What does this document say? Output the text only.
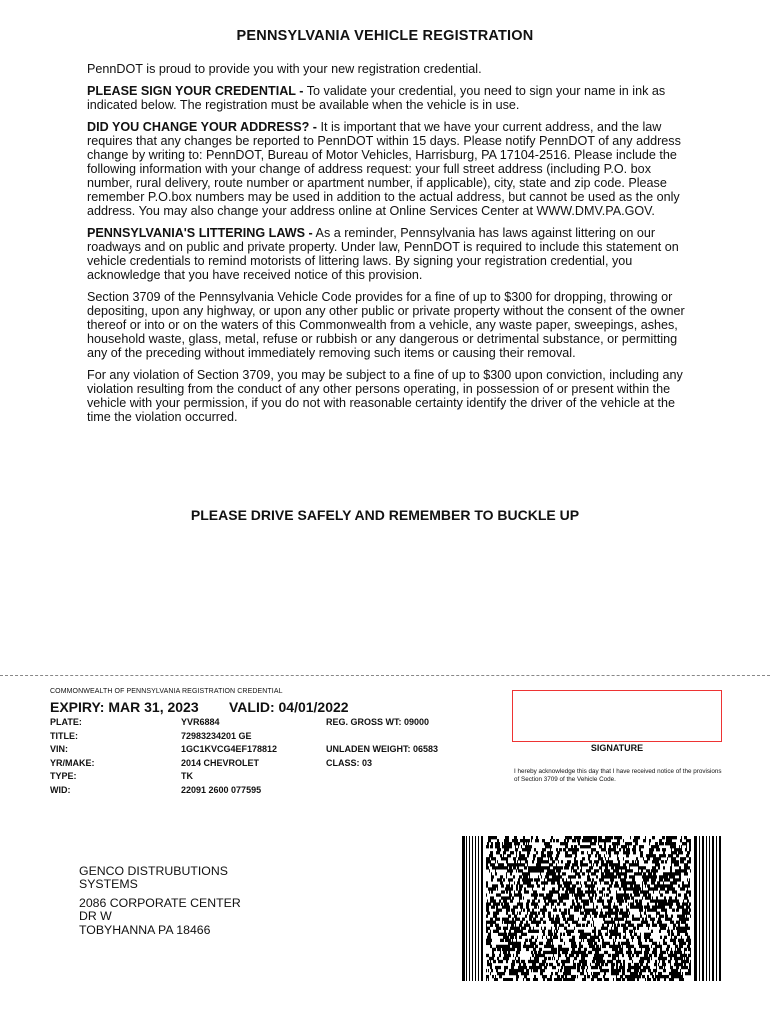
PENNSYLVANIA VEHICLE REGISTRATION

PennDOT is proud to provide you with your new registration credential.

PLEASE SIGN YOUR CREDENTIAL - To validate your credential, you need to sign your name in ink as indicated below. The registration must be available when the vehicle is in use.

DID YOU CHANGE YOUR ADDRESS? - It is important that we have your current address, and the law requires that any changes be reported to PennDOT within 15 days. Please notify PennDOT of any address change by writing to: PennDOT, Bureau of Motor Vehicles, Harrisburg, PA 17104-2516. Please include the following information with your change of address request: your full street address (including P.O. box number, rural delivery, route number or apartment number, if applicable), city, state and zip code. Please remember P.O.box numbers may be used in addition to the actual address, but cannot be used as the only address. You may also change your address online at Online Services Center at WWW.DMV.PA.GOV.

PENNSYLVANIA'S LITTERING LAWS - As a reminder, Pennsylvania has laws against littering on our roadways and on public and private property. Under law, PennDOT is required to include this statement on vehicle credentials to remind motorists of littering laws. By signing your registration credential, you acknowledge that you have received notice of this provision.

Section 3709 of the Pennsylvania Vehicle Code provides for a fine of up to $300 for dropping, throwing or depositing, upon any highway, or upon any other public or private property without the consent of the owner thereof or into or on the waters of this Commonwealth from a vehicle, any waste paper, sweepings, ashes, household waste, glass, metal, refuse or rubbish or any dangerous or detrimental substance, or permitting any of the preceding without immediately removing such items or causing their removal.

For any violation of Section 3709, you may be subject to a fine of up to $300 upon conviction, including any violation resulting from the conduct of any other persons operating, in possession of or present within the vehicle with your permission, if you do not with reasonable certainty identify the driver of the vehicle at the time the violation occurred.

PLEASE DRIVE SAFELY AND REMEMBER TO BUCKLE UP
COMMONWEALTH OF PENNSYLVANIA REGISTRATION CREDENTIAL
EXPIRY: MAR 31, 2023 VALID: 04/01/2022
PLATE:
TITLE:
VIN:
YR/MAKE:
TYPE:
WID:
YVR6884
72983234201 GE
1GC1KVCG4EF178812
2014 CHEVROLET
TK
22091 2600 077595
REG. GROSS WT: 09000

UNLADEN WEIGHT: 06583
CLASS: 03
SIGNATURE
I hereby acknowledge this day that I have received notice of the provisions of Section 3709 of the Vehicle Code.
GENCO DISTRUBUTIONS
SYSTEMS
2086 CORPORATE CENTER
DR W
TOBYHANNA PA 18466
